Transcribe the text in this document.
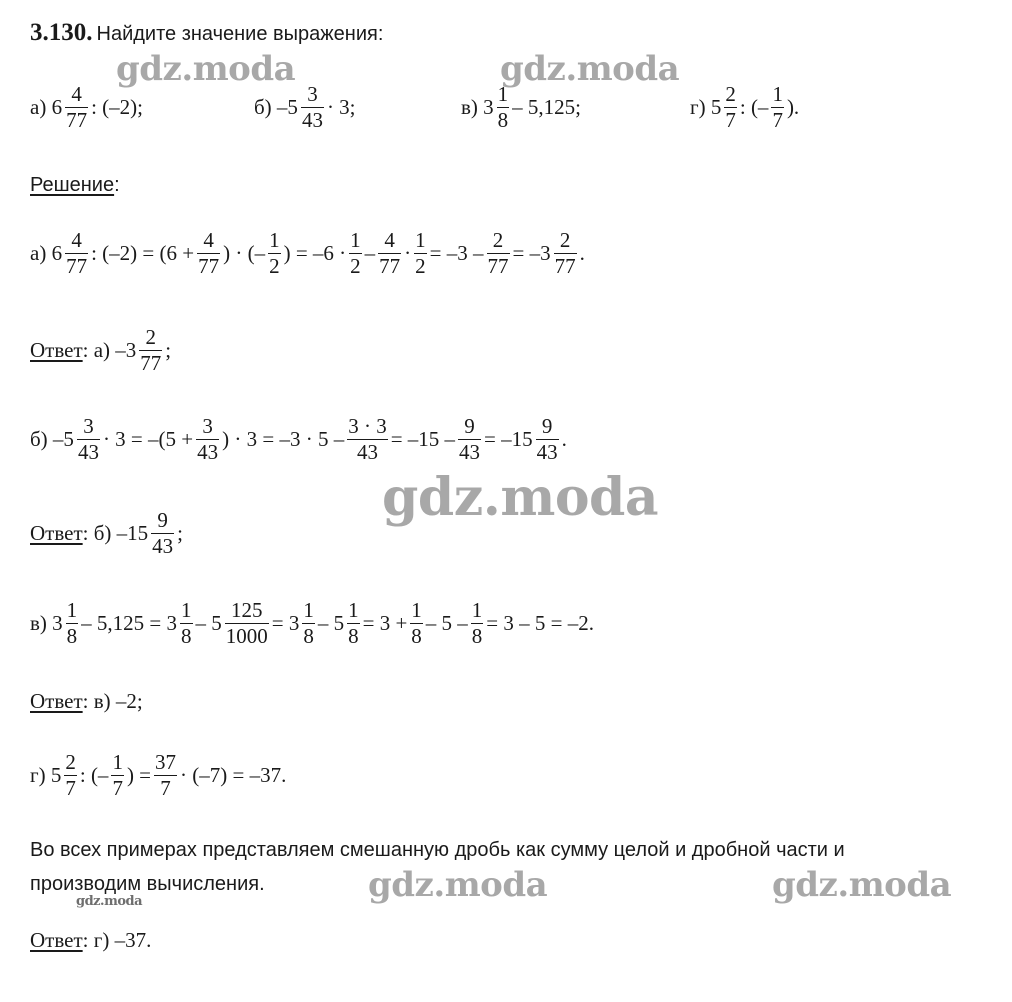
3.130. Найдите значение выражения:
а) $6 \frac{4}{77}$ : (–2);	б) $-5 \frac{3}{43} \cdot 3$;	в) $3 \frac{1}{8} - 5,125$;	г) $5 \frac{2}{7}$ : (– $\frac{1}{7}$ ).
Решение:
а) $6 \frac{4}{77}$ : $(-2) = (6 + \frac{4}{77}$ ) · (– $\frac{1}{2}$ ) = $-6 \cdot \frac{1}{2} - \frac{4}{77} \cdot \frac{1}{2} = -3 - \frac{2}{77} = -3 \frac{2}{77}$ .
Ответ : а) $-3 \frac{2}{77}$ ;
б) $-5 \frac{3}{43} \cdot 3 = -(5 + \frac{3}{43}$ ) · $3 = -3 \cdot 5 - \frac{3 \cdot 3}{43} = -15 - \frac{9}{43} = -15 \frac{9}{43}$ .
Ответ : б) $-15 \frac{9}{43}$ ;
в) $3 \frac{1}{8} - 5,125 = 3 \frac{1}{8} - 5 \frac{125}{1000} = 3 \frac{1}{8} - 5 \frac{1}{8} = 3 + \frac{1}{8} - 5 - \frac{1}{8} = 3 - 5 = -2$.
Ответ: в) –2;
г) $5 \frac{2}{7}$ : (– $\frac{1}{7}$ ) = $\frac{37}{7} \cdot (-7) = -37$.
Во всех примерах представляем смешанную дробь как сумму целой и дробной части и
производим вычисления.
Ответ: г) –37.
gdz.moda	gdz.moda
gdz.moda
gdz.moda	gdz.moda
gdz.moda
